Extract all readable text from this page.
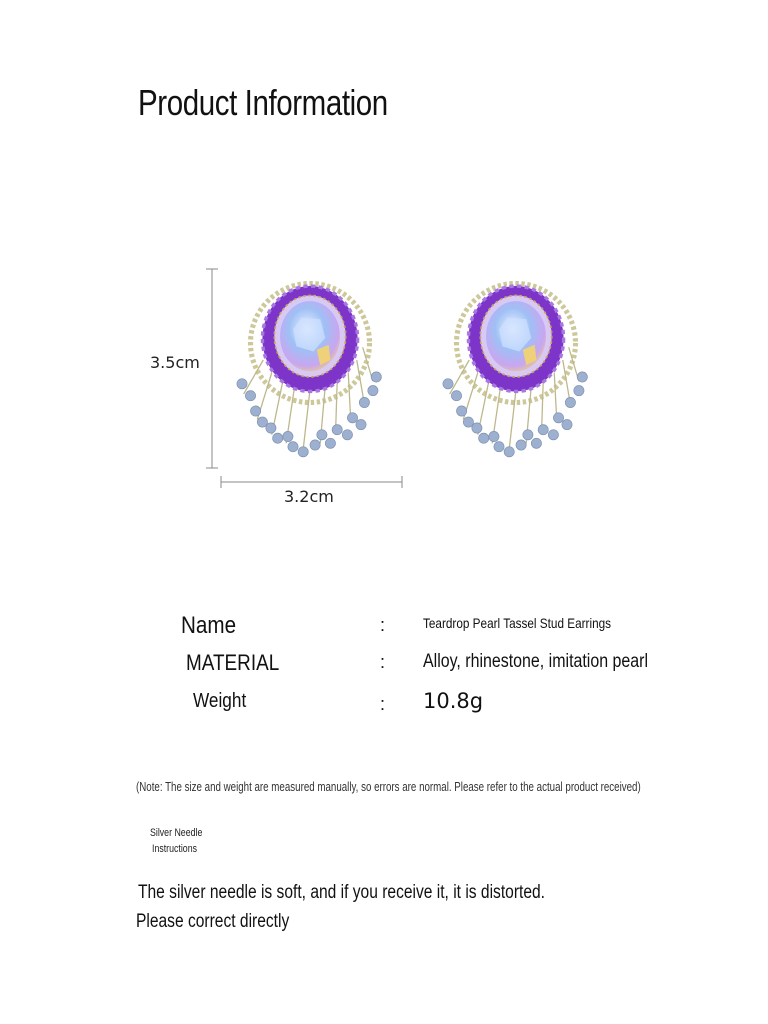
Product Information
3.5cm
3.2cm
Name	:	Teardrop Pearl Tassel Stud Earrings
MATERIAL	: Alloy, rhinestone, imitation pearl
Weight	: 10.8g
(Note: The size and weight are measured manually, so errors are normal. Please refer to the actual product received)
Silver Needle
Instructions
The silver needle is soft, and if you receive it, it is distorted.
Please correct directly
